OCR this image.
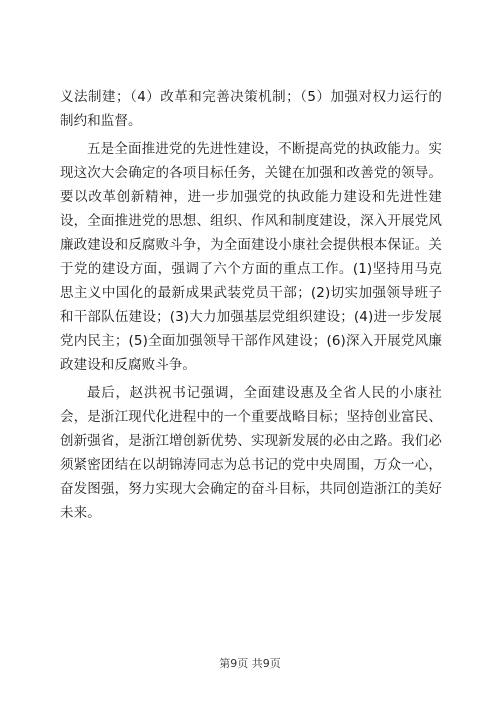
义法制建；（4）改革和完善决策机制；（5）加强对权力运行的制约和监督。

五是全面推进党的先进性建设，不断提高党的执政能力。实现这次大会确定的各项目标任务，关键在加强和改善党的领导。要以改革创新精神，进一步加强党的执政能力建设和先进性建设，全面推进党的思想、组织、作风和制度建设，深入开展党风廉政建设和反腐败斗争，为全面建设小康社会提供根本保证。关于党的建设方面，强调了六个方面的重点工作。(1)坚持用马克思主义中国化的最新成果武装党员干部；(2)切实加强领导班子和干部队伍建设；(3)大力加强基层党组织建设；(4)进一步发展党内民主；(5)全面加强领导干部作风建设；(6)深入开展党风廉政建设和反腐败斗争。

最后，赵洪祝书记强调，全面建设惠及全省人民的小康社会，是浙江现代化进程中的一个重要战略目标；坚持创业富民、创新强省，是浙江增创新优势、实现新发展的必由之路。我们必须紧密团结在以胡锦涛同志为总书记的党中央周围，万众一心，奋发图强，努力实现大会确定的奋斗目标，共同创造浙江的美好未来。

第9页 共9页
